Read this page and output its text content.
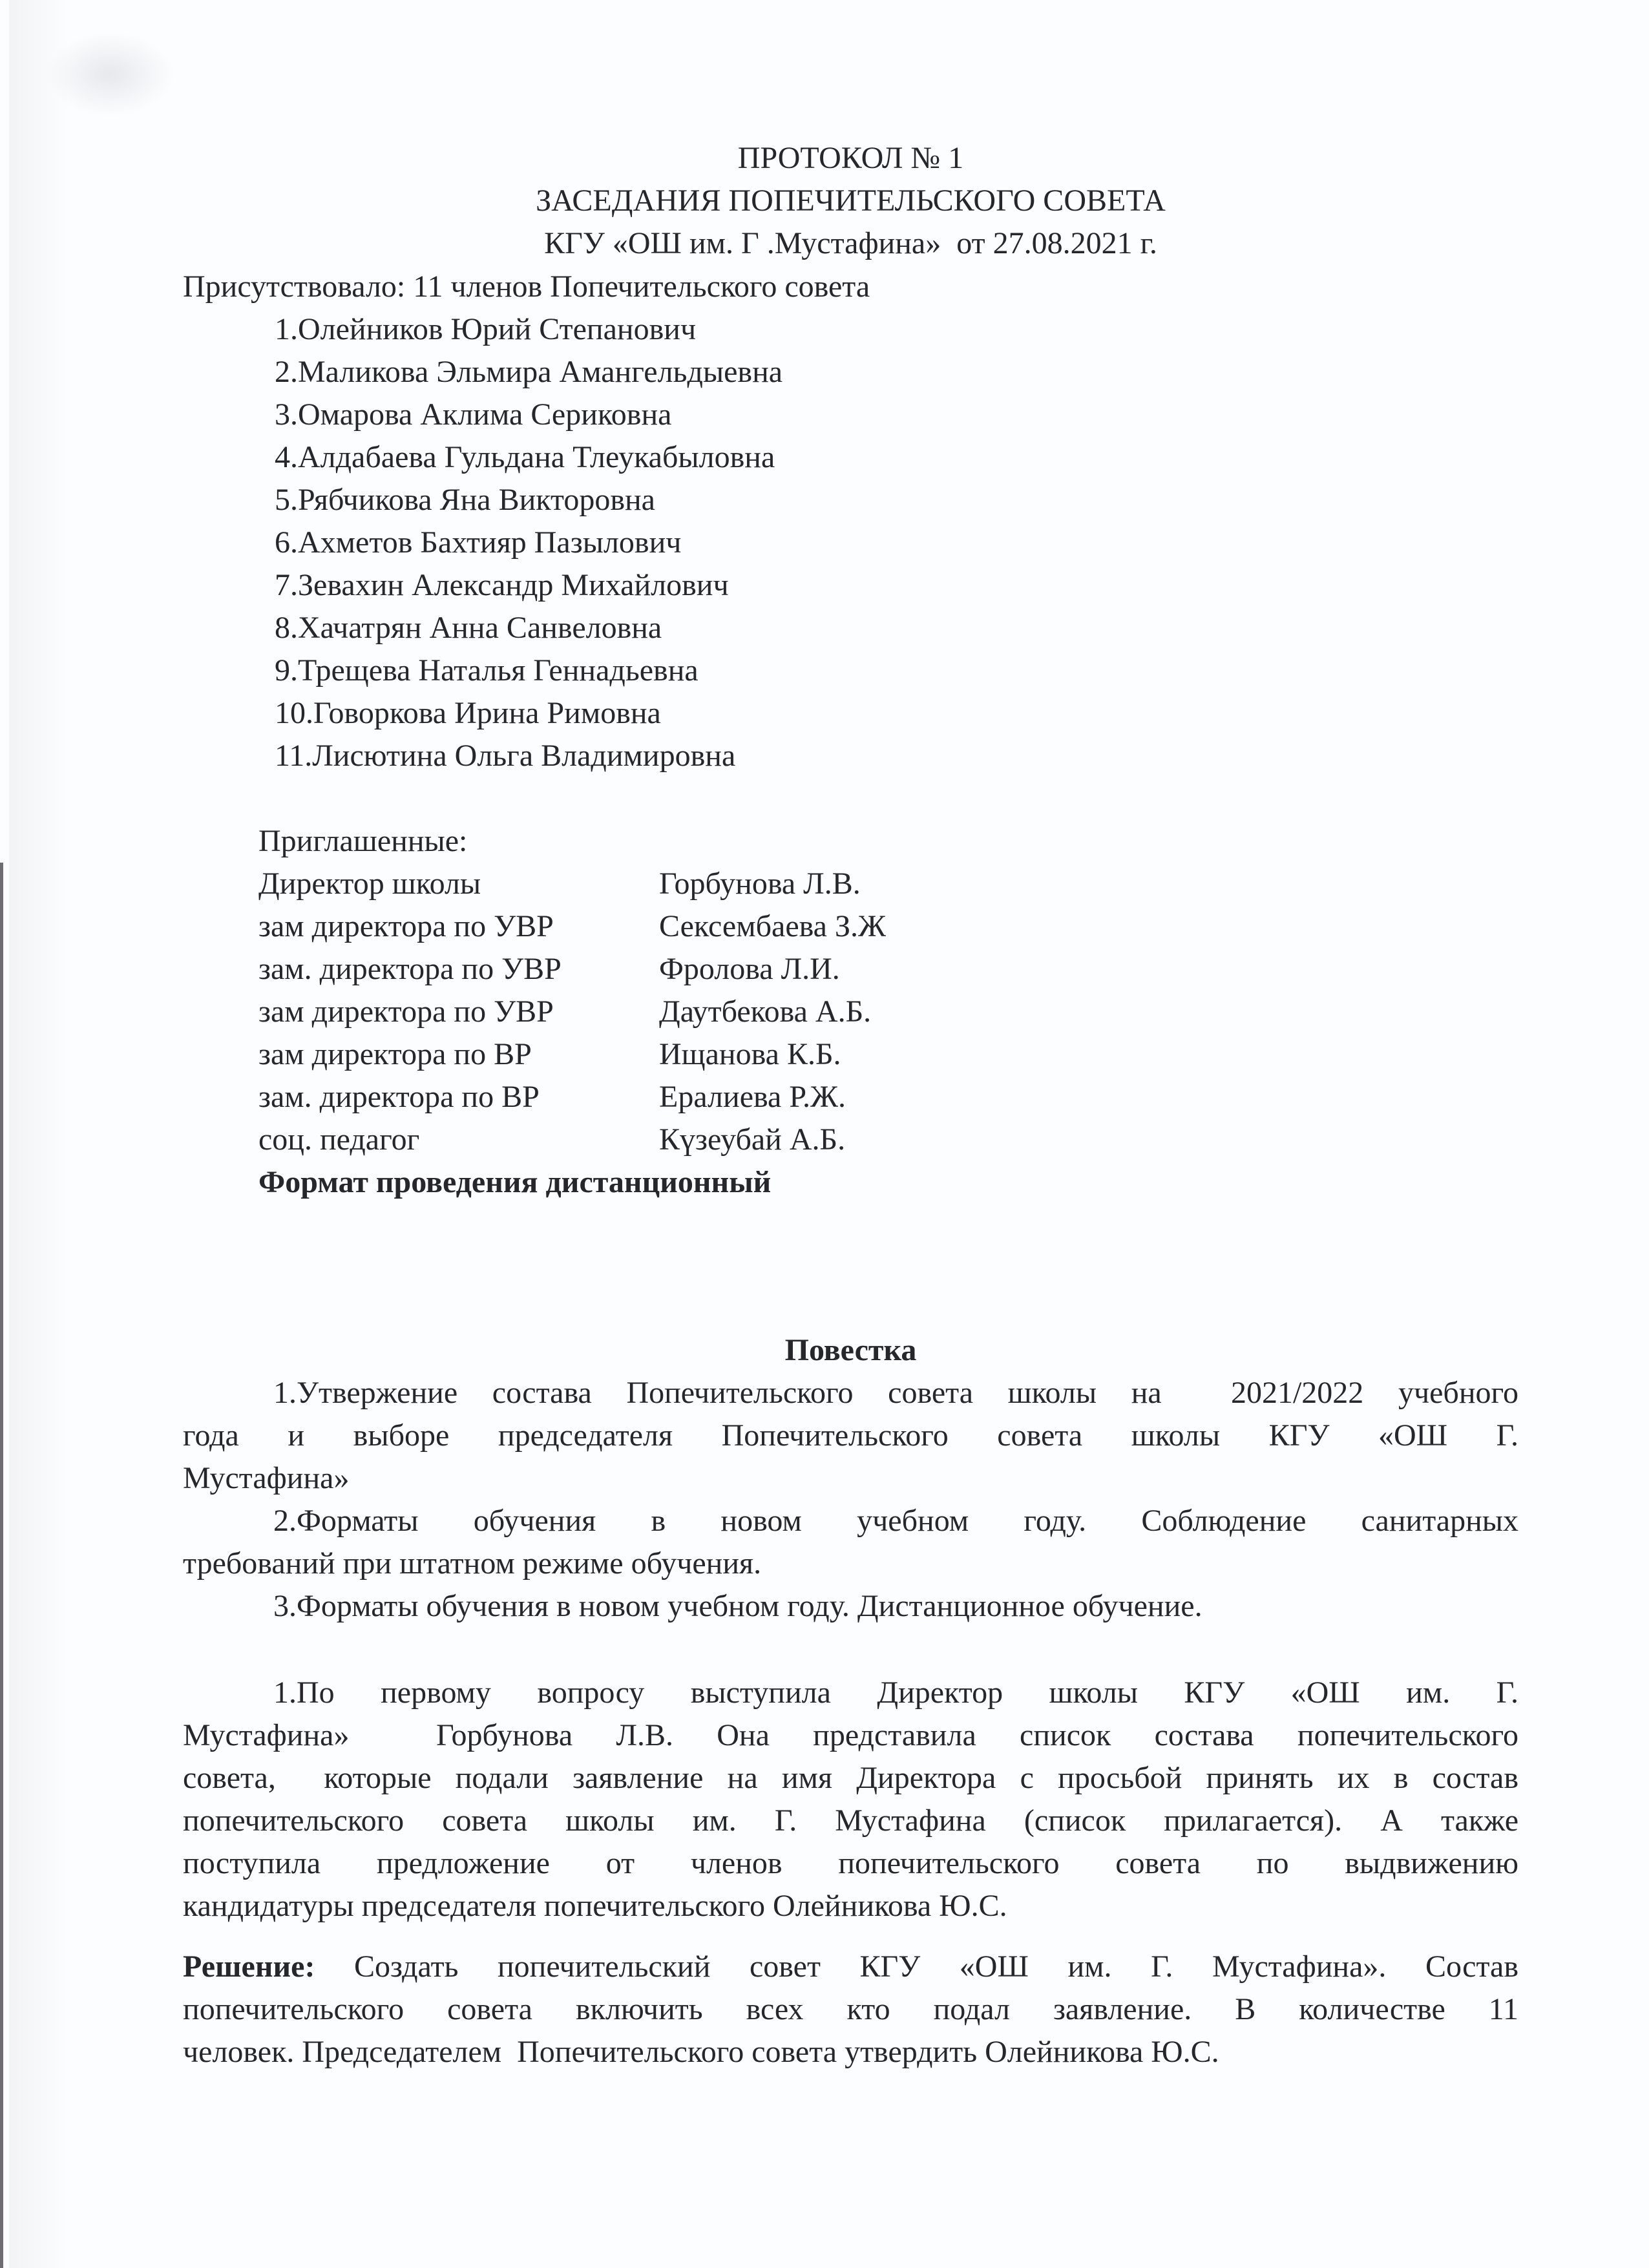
ПРОТОКОЛ № 1
ЗАСЕДАНИЯ ПОПЕЧИТЕЛЬСКОГО СОВЕТА
КГУ «ОШ им. Г .Мустафина»  от 27.08.2021 г.
Присутствовало: 11 членов Попечительского совета
1.Олейников Юрий Степанович
2.Маликова Эльмира Амангельдыевна
3.Омарова Аклима Сериковна
4.Алдабаева Гульдана Тлеукабыловна
5.Рябчикова Яна Викторовна
6.Ахметов Бахтияр Пазылович
7.Зевахин Александр Михайлович
8.Хачатрян Анна Санвеловна
9.Трещева Наталья Геннадьевна
10.Говоркова Ирина Римовна
11.Лисютина Ольга Владимировна
Приглашенные:
Директор школы	Горбунова Л.В.
зам директора по УВР	Сексембаева З.Ж
зам. директора по УВР	Фролова Л.И.
зам директора по УВР	Даутбекова А.Б.
зам директора по ВР	Ищанова К.Б.
зам. директора по ВР	Ералиева Р.Ж.
соц. педагог	Күзеубай А.Б.
Формат проведения дистанционный
Повестка
1.Утвержение состава Попечительского совета школы на  2021/2022 учебного
года и выборе председателя Попечительского совета школы КГУ «ОШ Г.
Мустафина»
2.Форматы обучения в новом учебном году. Соблюдение санитарных
требований при штатном режиме обучения.
3.Форматы обучения в новом учебном году. Дистанционное обучение.
1.По первому вопросу выступила Директор школы КГУ «ОШ им. Г.
Мустафина»  Горбунова Л.В. Она представила список состава попечительского
совета,  которые подали заявление на имя Директора с просьбой принять их в состав
попечительского совета школы им. Г. Мустафина (список прилагается). А также
поступила предложение от членов попечительского совета по выдвижению
кандидатуры председателя попечительского Олейникова Ю.С.
Решение: Создать попечительский совет КГУ «ОШ им. Г. Мустафина». Состав
попечительского совета включить всех кто подал заявление. В количестве 11
человек. Председателем  Попечительского совета утвердить Олейникова Ю.С.
